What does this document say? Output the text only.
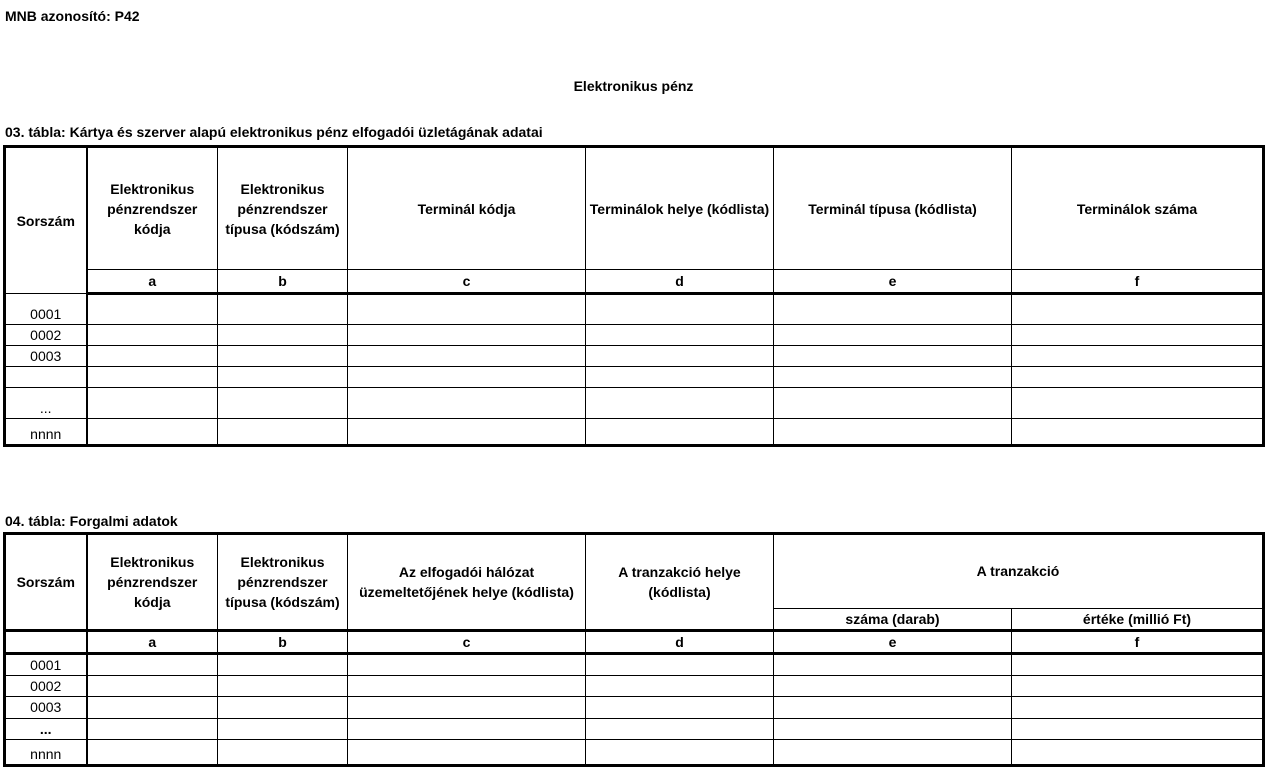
MNB azonosító: P42
Elektronikus pénz
03. tábla: Kártya és szerver alapú elektronikus pénz elfogadói üzletágának adatai
Sorszám	Elektronikus pénzrendszer kódja	Elektronikus pénzrendszer típusa (kódszám)	Terminál kódja	Terminálok helye (kódlista)	Terminál típusa (kódlista)	Terminálok száma
	a	b	c	d	e	f
0001						
0002						
0003						

...						
nnnn						
04. tábla: Forgalmi adatok
Sorszám	Elektronikus pénzrendszer kódja	Elektronikus pénzrendszer típusa (kódszám)	Az elfogadói hálózat üzemeltetőjének helye (kódlista)	A tranzakció helye (kódlista)	A tranzakció	
					száma (darab)	értéke (millió Ft)
	a	b	c	d	e	f
0001						
0002						
0003						
...						
nnnn						
